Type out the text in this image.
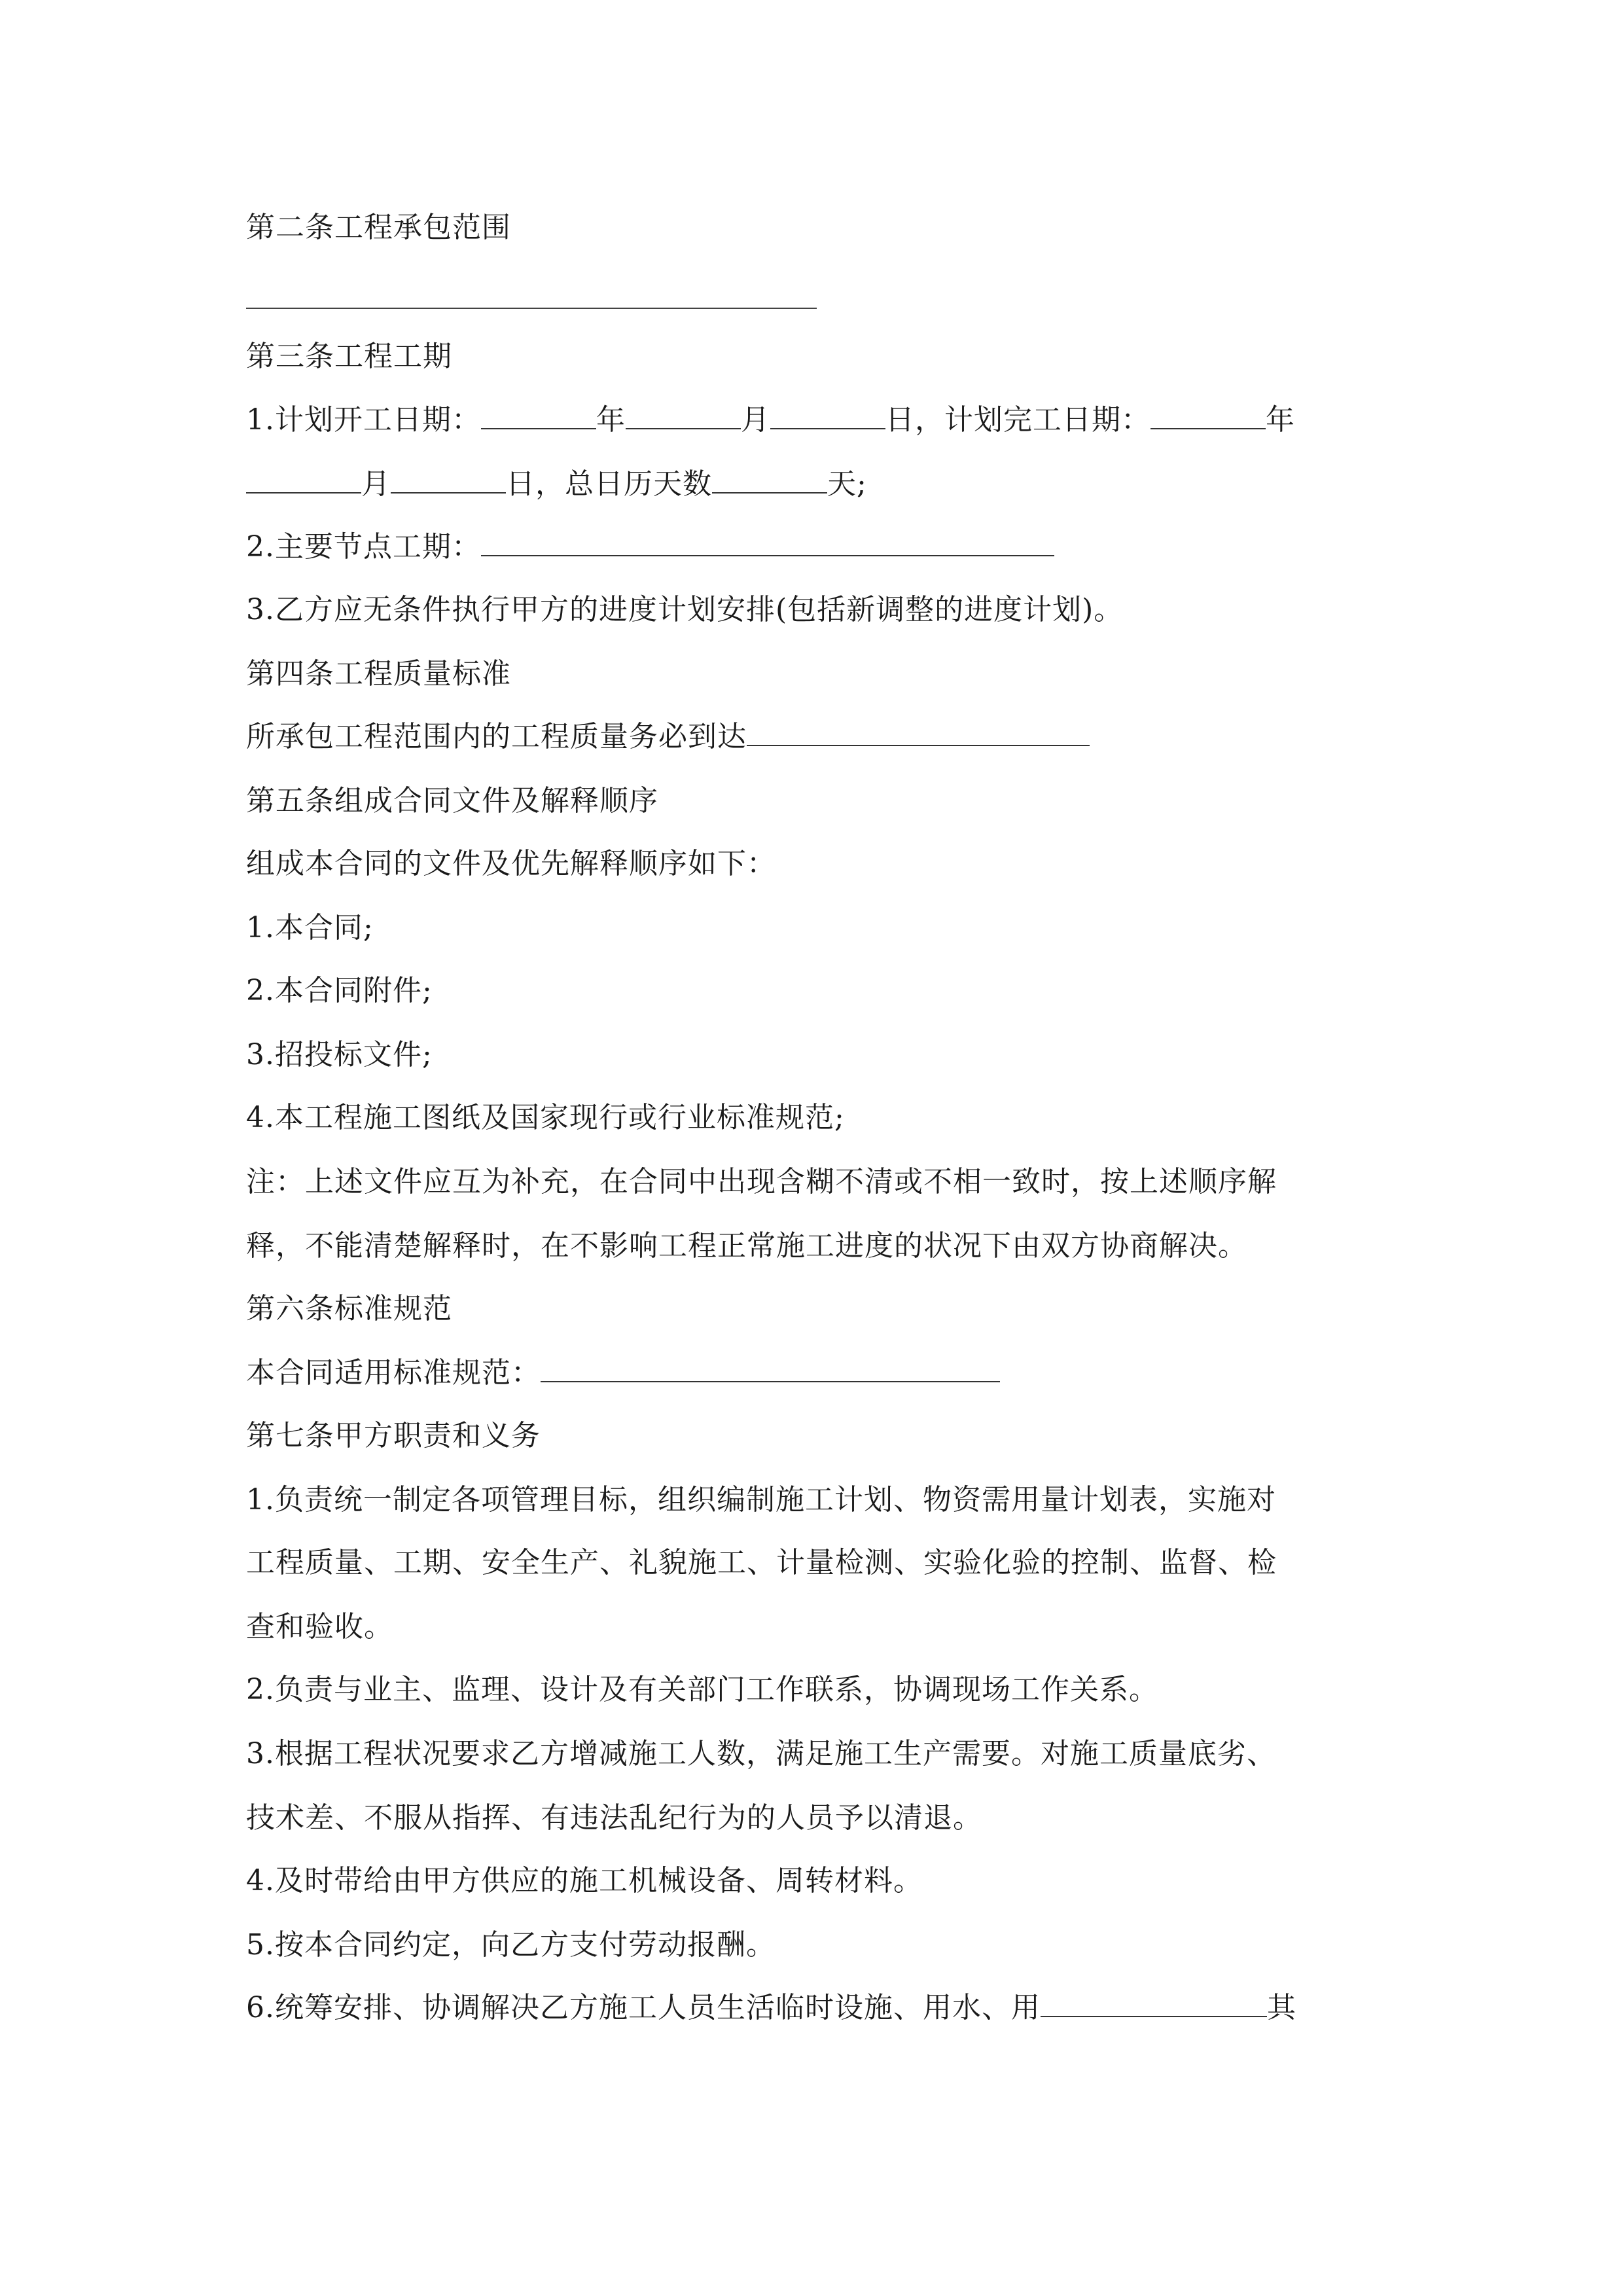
第二条工程承包范围
第三条工程工期
1.计划开工日期：	年	月	日，计划完工日期：	年
月	日，总日历天数	天;
2.主要节点工期：
3.乙方应无条件执行甲方的进度计划安排(包括新调整的进度计划)。
第四条工程质量标准
所承包工程范围内的工程质量务必到达
第五条组成合同文件及解释顺序
组成本合同的文件及优先解释顺序如下：
1.本合同;
2.本合同附件;
3.招投标文件;
4.本工程施工图纸及国家现行或行业标准规范;
注：上述文件应互为补充，在合同中出现含糊不清或不相一致时，按上述顺序解
释，不能清楚解释时，在不影响工程正常施工进度的状况下由双方协商解决。
第六条标准规范
本合同适用标准规范：
第七条甲方职责和义务
1.负责统一制定各项管理目标，组织编制施工计划、物资需用量计划表，实施对
工程质量、工期、安全生产、礼貌施工、计量检测、实验化验的控制、监督、检
查和验收。
2.负责与业主、监理、设计及有关部门工作联系，协调现场工作关系。
3.根据工程状况要求乙方增减施工人数，满足施工生产需要。对施工质量底劣、
技术差、不服从指挥、有违法乱纪行为的人员予以清退。
4.及时带给由甲方供应的施工机械设备、周转材料。
5.按本合同约定，向乙方支付劳动报酬。
6.统筹安排、协调解决乙方施工人员生活临时设施、用水、用	其
